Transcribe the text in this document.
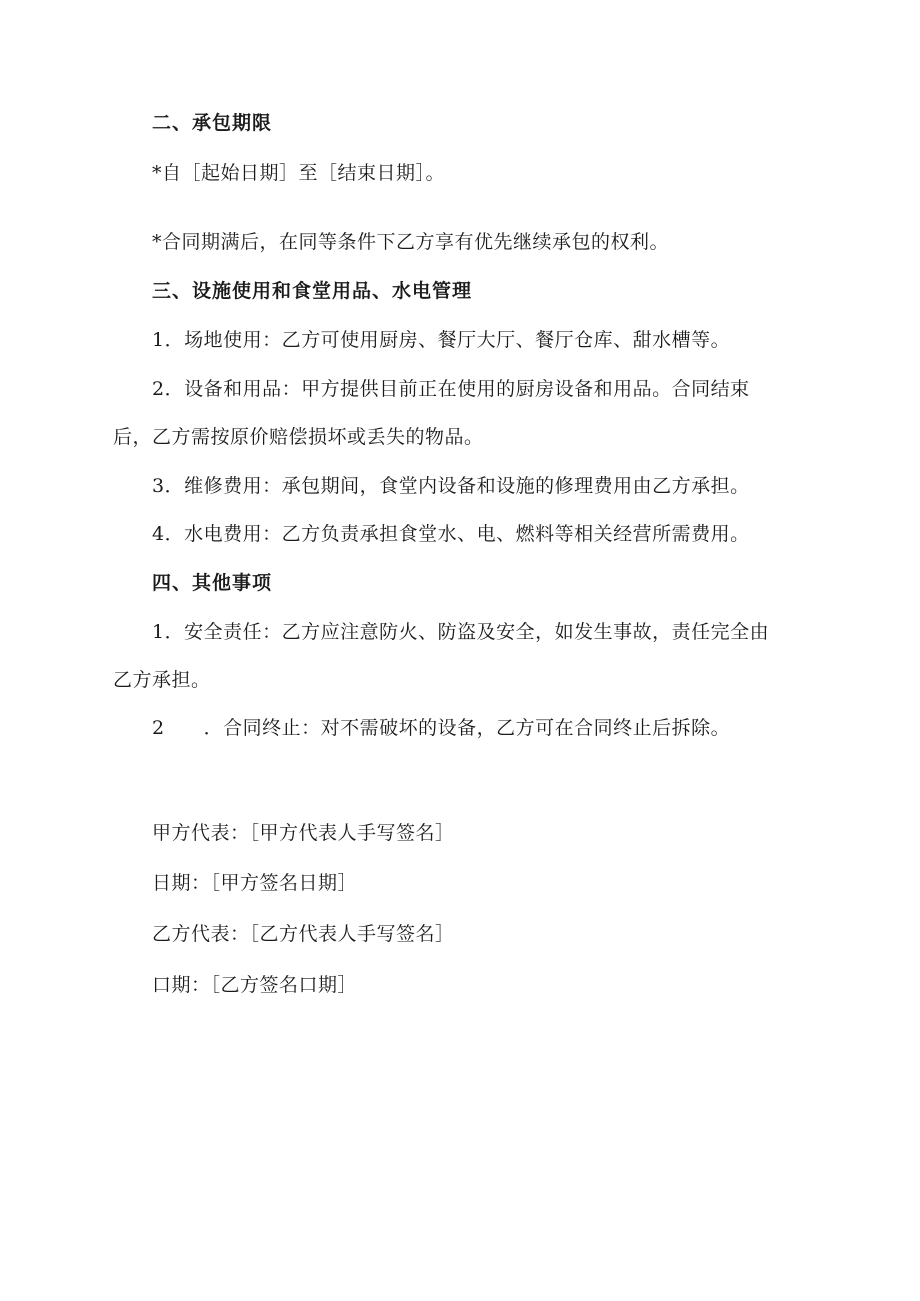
二、承包期限
*自［起始日期］至［结束日期］。
*合同期满后，在同等条件下乙方享有优先继续承包的权利。
三、设施使用和食堂用品、水电管理
1．场地使用：乙方可使用厨房、餐厅大厅、餐厅仓库、甜水槽等。
2．设备和用品：甲方提供目前正在使用的厨房设备和用品。合同结束
后，乙方需按原价赔偿损坏或丢失的物品。
3．维修费用：承包期间，食堂内设备和设施的修理费用由乙方承担。
4．水电费用：乙方负责承担食堂水、电、燃料等相关经营所需费用。
四、其他事项
1．安全责任：乙方应注意防火、防盗及安全，如发生事故，责任完全由
乙方承担。
2　　．合同终止：对不需破坏的设备，乙方可在合同终止后拆除。
甲方代表：［甲方代表人手写签名］
日期：［甲方签名日期］
乙方代表：［乙方代表人手写签名］
口期：［乙方签名口期］
